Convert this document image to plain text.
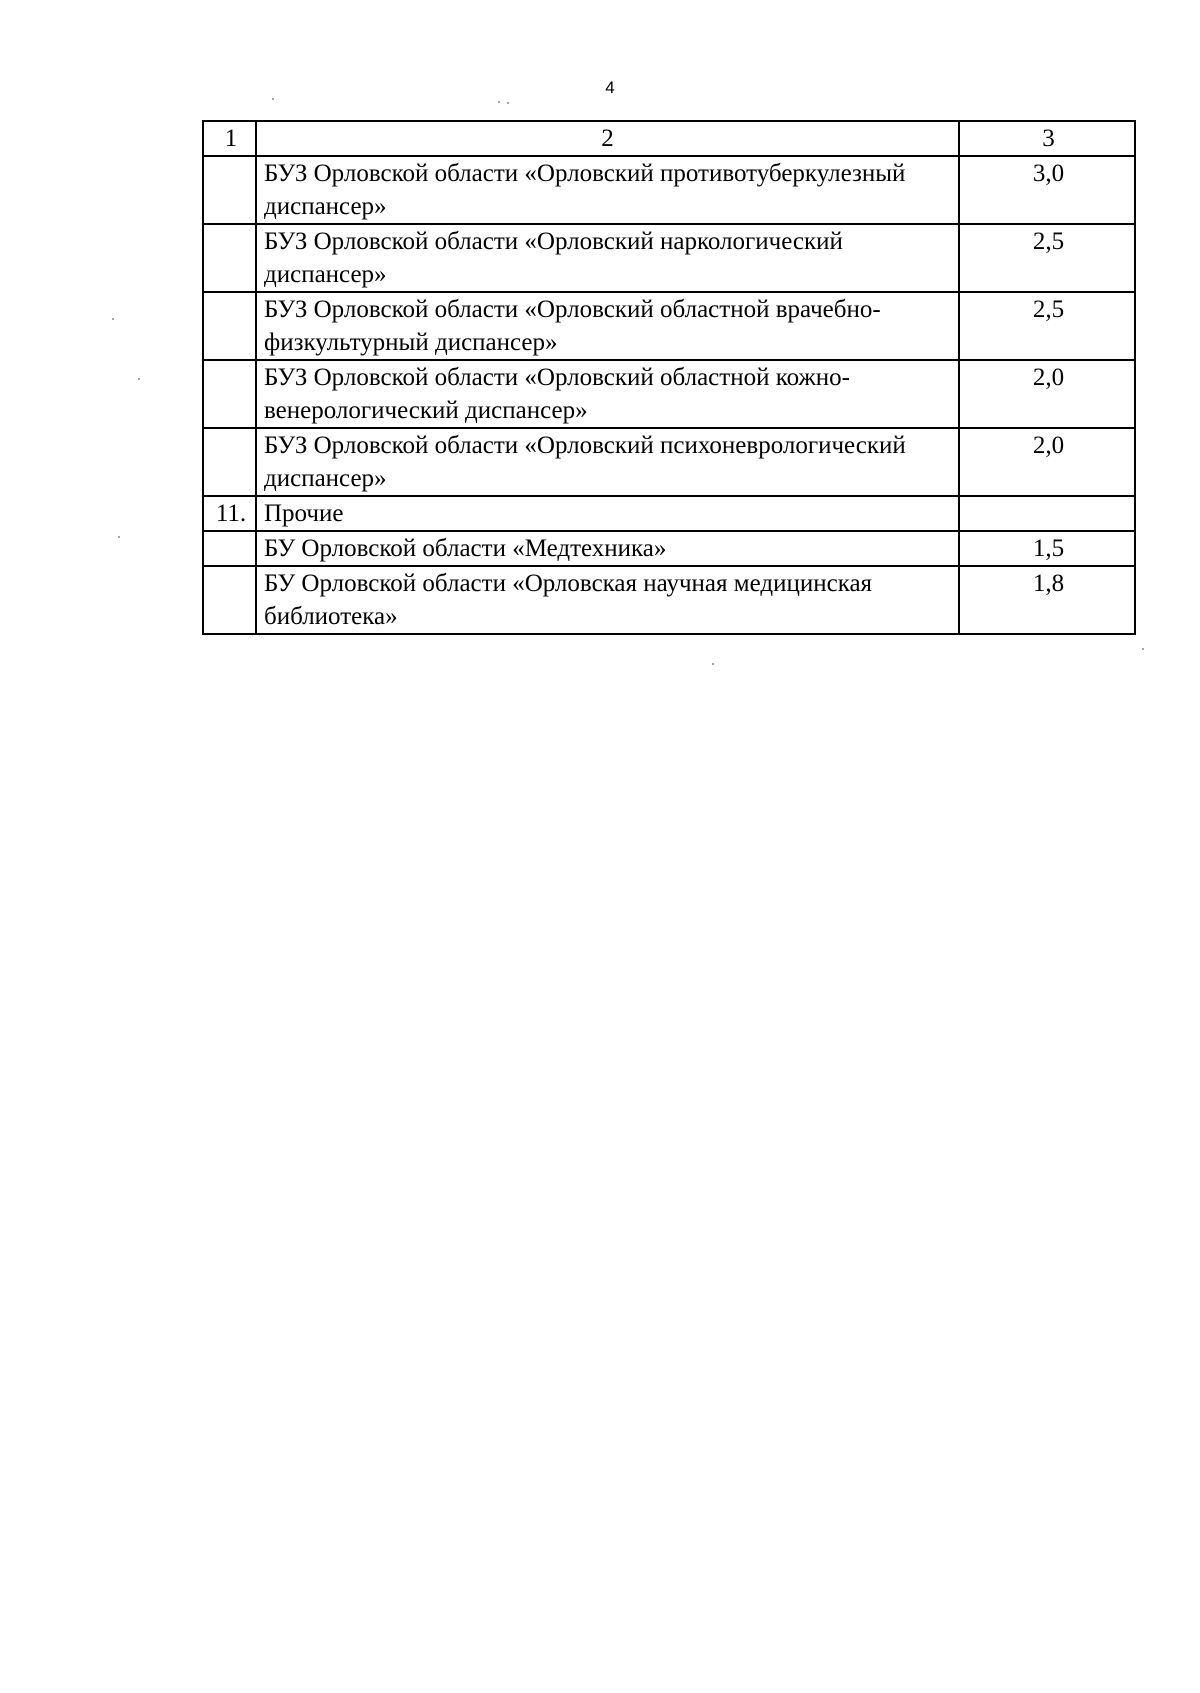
4
1	2	3
	БУЗ Орловской области «Орловский противотуберкулезный диспансер»	3,0
	БУЗ Орловской области «Орловский наркологический диспансер»	2,5
	БУЗ Орловской области «Орловский областной врачебно-физкультурный диспансер»	2,5
	БУЗ Орловской области «Орловский областной кожно-венерологический диспансер»	2,0
	БУЗ Орловской области «Орловский психоневрологический диспансер»	2,0
11.	Прочие	
	БУ Орловской области «Медтехника»	1,5
	БУ Орловской области «Орловская научная медицинская библиотека»	1,8
